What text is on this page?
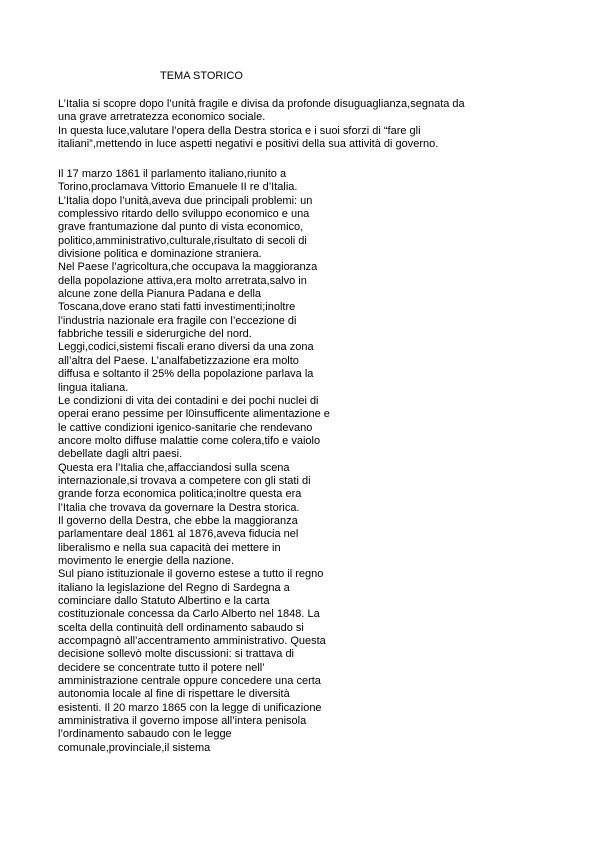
TEMA STORICO
L’Italia si scopre dopo l’unità fragile e divisa da profonde disuguaglianza,segnata da
una grave arretratezza economico sociale.
In questa luce,valutare l’opera della Destra storica e i suoi sforzi di “fare gli
italiani”,mettendo in luce aspetti negativi e positivi della sua attività di governo.
Il 17 marzo 1861 il parlamento italiano,riunito a
Torino,proclamava Vittorio Emanuele II re d’Italia.
L’Italia dopo l’unità,aveva due principali problemi: un
complessivo ritardo dello sviluppo economico e una
grave frantumazione dal punto di vista economico,
politico,amministrativo,culturale,risultato di secoli di
divisione politica e dominazione straniera.
Nel Paese l’agricoltura,che occupava la maggioranza
della popolazione attiva,era molto arretrata,salvo in
alcune zone della Pianura Padana e della
Toscana,dove erano stati fatti investimenti;inoltre
l’industria nazionale era fragile con l’eccezione di
fabbriche tessili e siderurgiche del nord.
Leggi,codici,sistemi fiscali erano diversi da una zona
all’altra del Paese. L’analfabetizzazione era molto
diffusa e soltanto il 25% della popolazione parlava la
lingua italiana.
Le condizioni di vita dei contadini e dei pochi nuclei di
operai erano pessime per l0insufficente alimentazione e
le cattive condizioni igenico-sanitarie che rendevano
ancore molto diffuse malattie come colera,tifo e vaiolo
debellate dagli altri paesi.
Questa era l’Italia che,affacciandosi sulla scena
internazionale,si trovava a competere con gli stati di
grande forza economica politica;inoltre questa era
l’Italia che trovava da governare la Destra storica.
Il governo della Destra, che ebbe la maggioranza
parlamentare deal 1861 al 1876,aveva fiducia nel
liberalismo e nella sua capacità dei mettere in
movimento le energie della nazione.
Sul piano istituzionale il governo estese a tutto il regno
italiano la legislazione del Regno di Sardegna a
cominciare dallo Statuto Albertino e la carta
costituzionale concessa da Carlo Alberto nel 1848. La
scelta della continuità dell ordinamento sabaudo si
accompagnò all’accentramento amministrativo. Questa
decisione sollevò molte discussioni: si trattava di
decidere se concentrate tutto il potere nell’
amministrazione centrale oppure concedere una certa
autonomia locale al fine di rispettare le diversità
esistenti. Il 20 marzo 1865 con la legge di unificazione
amministrativa il governo impose all’intera penisola
l’ordinamento sabaudo con le legge
comunale,provinciale,il sistema
